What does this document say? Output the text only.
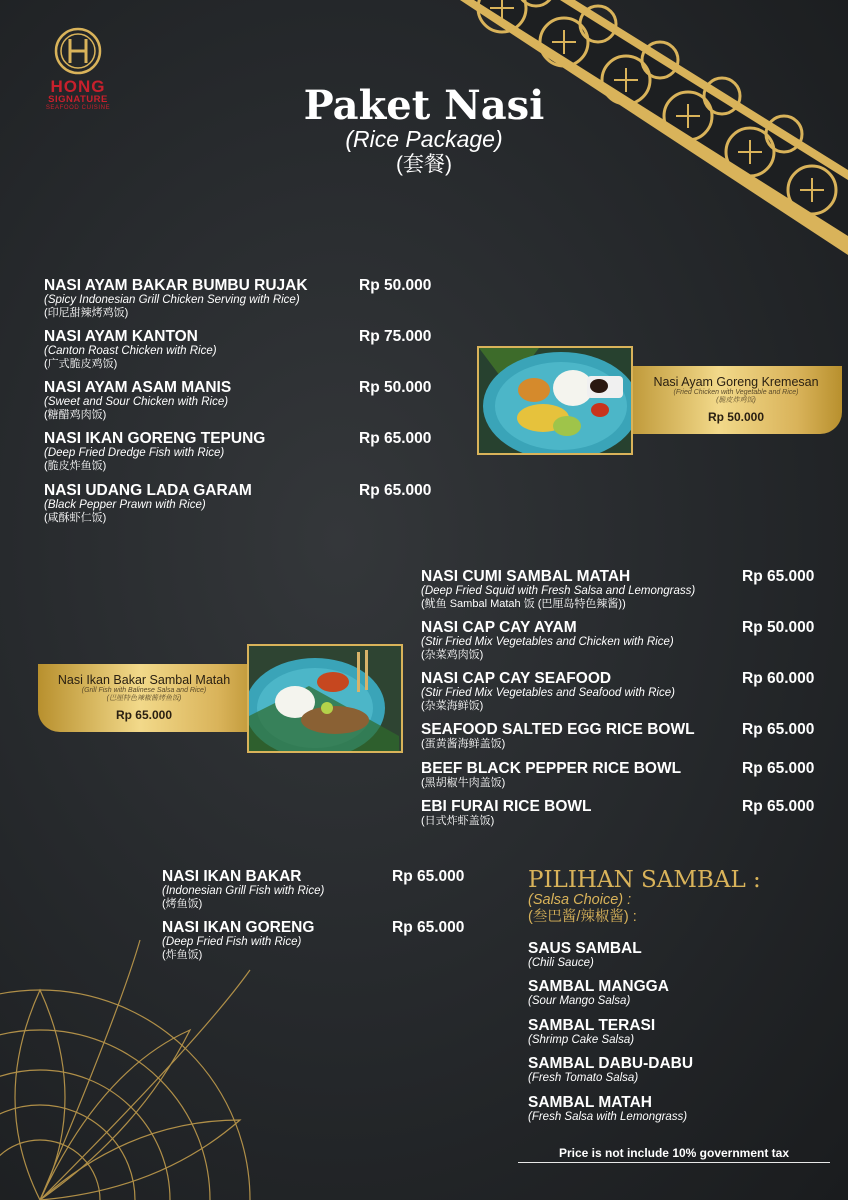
HONG
SIGNATURE
SEAFOOD CUISINE	Paket Nasi
(Rice Package)
(套餐)
NASI AYAM BAKAR BUMBU RUJAK
(Spicy Indonesian Grill Chicken Serving with Rice)
(印尼甜辣烤鸡饭)
Rp 50.000
NASI AYAM KANTON
(Canton Roast Chicken with Rice)
(广式脆皮鸡饭)
Rp 75.000
NASI AYAM ASAM MANIS
(Sweet and Sour Chicken with Rice)
(糖醋鸡肉饭)
Rp 50.000
NASI IKAN GORENG TEPUNG
(Deep Fried Dredge Fish with Rice)
(脆皮炸鱼饭)
Rp 65.000
NASI UDANG LADA GARAM
(Black Pepper Prawn with Rice)
(咸酥虾仁饭)
Rp 65.000
Nasi Ayam Goreng Kremesan
(Fried Chicken with Vegetable and Rice)
(脆皮炸鸡饭)
Rp 50.000
NASI CUMI SAMBAL MATAH
(Deep Fried Squid with Fresh Salsa and Lemongrass)
(鱿鱼 Sambal Matah 饭 (巴厘岛特色辣酱))
Rp 65.000
NASI CAP CAY AYAM
(Stir Fried Mix Vegetables and Chicken with Rice)
(杂菜鸡肉饭)
Rp 50.000
NASI CAP CAY SEAFOOD
(Stir Fried Mix Vegetables and Seafood with Rice)
(杂菜海鲜饭)
Rp 60.000
SEAFOOD SALTED EGG RICE BOWL
(蛋黄酱海鲜盖饭)
Rp 65.000
BEEF BLACK PEPPER RICE BOWL
(黑胡椒牛肉盖饭)
Rp 65.000
EBI FURAI RICE BOWL
(日式炸虾盖饭)
Rp 65.000
Nasi Ikan Bakar Sambal Matah
(Grill Fish with Balinese Salsa and Rice)
(巴厘特色辣椒酱烤鱼饭)
Rp 65.000
NASI IKAN BAKAR
(Indonesian Grill Fish with Rice)
(烤鱼饭)
Rp 65.000
NASI IKAN GORENG
(Deep Fried Fish with Rice)
(炸鱼饭)
Rp 65.000
PILIHAN SAMBAL :
(Salsa Choice) :
(叁巴酱/辣椒酱) :
SAUS SAMBAL
(Chili Sauce)
SAMBAL MANGGA
(Sour Mango Salsa)
SAMBAL TERASI
(Shrimp Cake Salsa)
SAMBAL DABU-DABU
(Fresh Tomato Salsa)
SAMBAL MATAH
(Fresh Salsa with Lemongrass)
Price is not include 10% government tax
